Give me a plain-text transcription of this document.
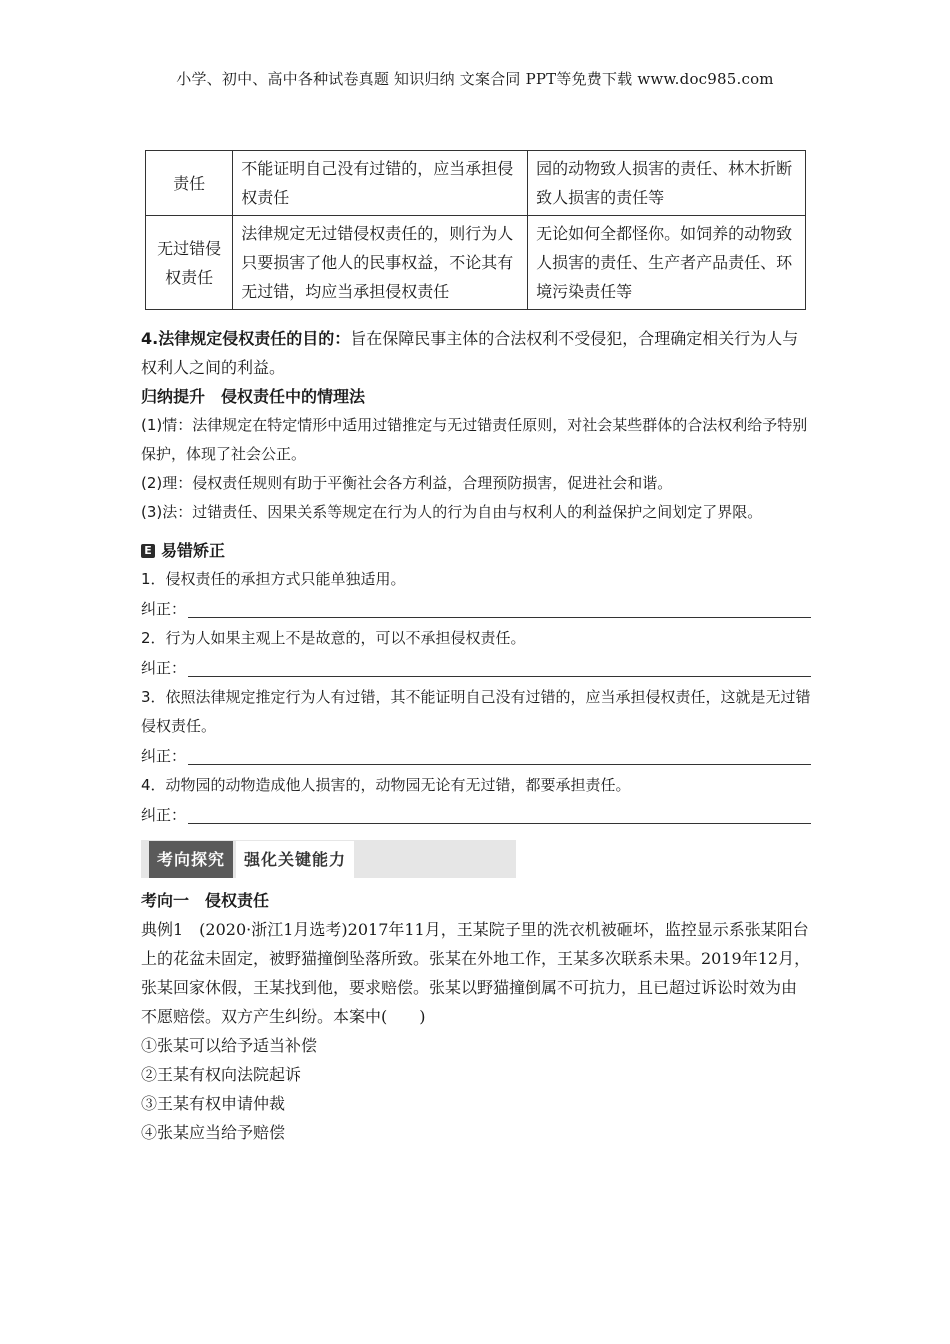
小学、初中、高中各种试卷真题 知识归纳 文案合同 PPT等免费下载 www.doc985.com
责任	不能证明自己没有过错的，应当承担侵权责任	园的动物致人损害的责任、林木折断致人损害的责任等
无过错侵权责任	法律规定无过错侵权责任的，则行为人只要损害了他人的民事权益，不论其有无过错，均应当承担侵权责任	无论如何全都怪你。如饲养的动物致人损害的责任、生产者产品责任、环境污染责任等

4.法律规定侵权责任的目的：旨在保障民事主体的合法权利不受侵犯，合理确定相关行为人与权利人之间的利益。

归纳提升　侵权责任中的情理法

(1)情：法律规定在特定情形中适用过错推定与无过错责任原则，对社会某些群体的合法权利给予特别保护，体现了社会公正。

(2)理：侵权责任规则有助于平衡社会各方利益，合理预防损害，促进社会和谐。

(3)法：过错责任、因果关系等规定在行为人的行为自由与权利人的利益保护之间划定了界限。

E 易错矫正

1．侵权责任的承担方式只能单独适用。

纠正：

2．行为人如果主观上不是故意的，可以不承担侵权责任。

纠正：

3．依照法律规定推定行为人有过错，其不能证明自己没有过错的，应当承担侵权责任，这就是无过错侵权责任。

纠正：

4．动物园的动物造成他人损害的，动物园无论有无过错，都要承担责任。

纠正：
考向探究	强化关键能力

考向一　侵权责任

典例1　(2020·浙江1月选考)2017年11月，王某院子里的洗衣机被砸坏，监控显示系张某阳台上的花盆未固定，被野猫撞倒坠落所致。张某在外地工作，王某多次联系未果。2019年12月，张某回家休假，王某找到他，要求赔偿。张某以野猫撞倒属不可抗力，且已超过诉讼时效为由不愿赔偿。双方产生纠纷。本案中(　　)

①张某可以给予适当补偿

②王某有权向法院起诉

③王某有权申请仲裁

④张某应当给予赔偿
